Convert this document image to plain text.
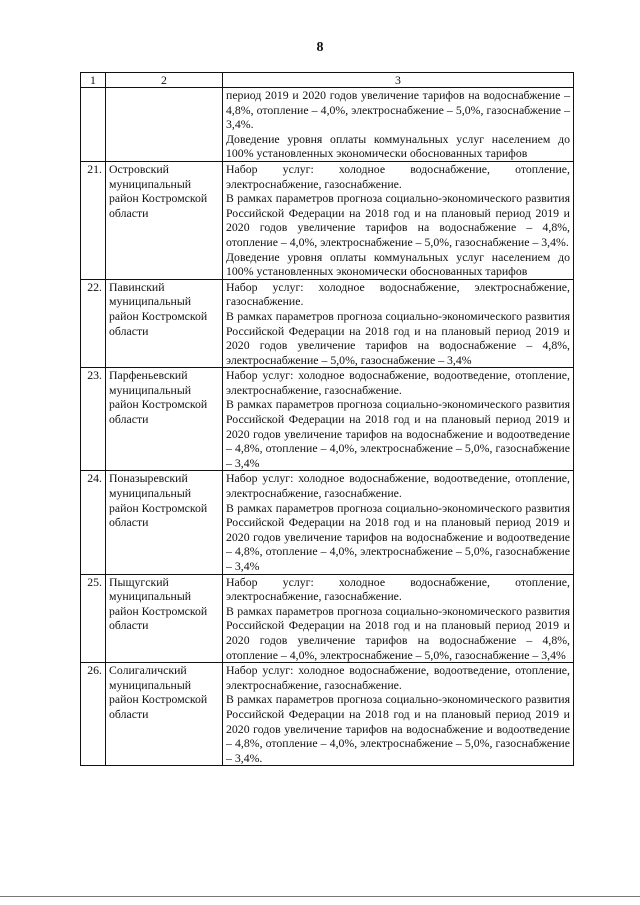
8
1	2	3

		период 2019 и 2020 годов увеличение тарифов на водоснабжение – 4,8%, отопление – 4,0%, электроснабжение – 5,0%, газоснабжение – 3,4%.

Доведение уровня оплаты коммунальных услуг населением до 100% установленных экономически обоснованных тарифов

21.	Островский муниципальный район Костромской области	Набор услуг: холодное водоснабжение, отопление, электроснабжение, газоснабжение.

В рамках параметров прогноза социально-экономического развития Российской Федерации на 2018 год и на плановый период 2019 и 2020 годов увеличение тарифов на водоснабжение – 4,8%, отопление – 4,0%, электроснабжение – 5,0%, газоснабжение – 3,4%.

Доведение уровня оплаты коммунальных услуг населением до 100% установленных экономически обоснованных тарифов

22.	Павинский муниципальный район Костромской области	Набор услуг: холодное водоснабжение, электроснабжение, газоснабжение.

В рамках параметров прогноза социально-экономического развития Российской Федерации на 2018 год и на плановый период 2019 и 2020 годов увеличение тарифов на водоснабжение – 4,8%, электроснабжение – 5,0%, газоснабжение – 3,4%

23.	Парфеньевский муниципальный район Костромской области	Набор услуг: холодное водоснабжение, водоотведение, отопление, электроснабжение, газоснабжение.

В рамках параметров прогноза социально-экономического развития Российской Федерации на 2018 год и на плановый период 2019 и 2020 годов увеличение тарифов на водоснабжение и водоотведение – 4,8%, отопление – 4,0%, электроснабжение – 5,0%, газоснабжение – 3,4%

24.	Поназыревский муниципальный район Костромской области	Набор услуг: холодное водоснабжение, водоотведение, отопление, электроснабжение, газоснабжение.

В рамках параметров прогноза социально-экономического развития Российской Федерации на 2018 год и на плановый период 2019 и 2020 годов увеличение тарифов на водоснабжение и водоотведение – 4,8%, отопление – 4,0%, электроснабжение – 5,0%, газоснабжение – 3,4%

25.	Пыщугский муниципальный район Костромской области	Набор услуг: холодное водоснабжение, отопление, электроснабжение, газоснабжение.

В рамках параметров прогноза социально-экономического развития Российской Федерации на 2018 год и на плановый период 2019 и 2020 годов увеличение тарифов на водоснабжение – 4,8%, отопление – 4,0%, электроснабжение – 5,0%, газоснабжение – 3,4%

26.	Солигаличский муниципальный район Костромской области	Набор услуг: холодное водоснабжение, водоотведение, отопление, электроснабжение, газоснабжение.

В рамках параметров прогноза социально-экономического развития Российской Федерации на 2018 год и на плановый период 2019 и 2020 годов увеличение тарифов на водоснабжение и водоотведение – 4,8%, отопление – 4,0%, электроснабжение – 5,0%, газоснабжение – 3,4%.
